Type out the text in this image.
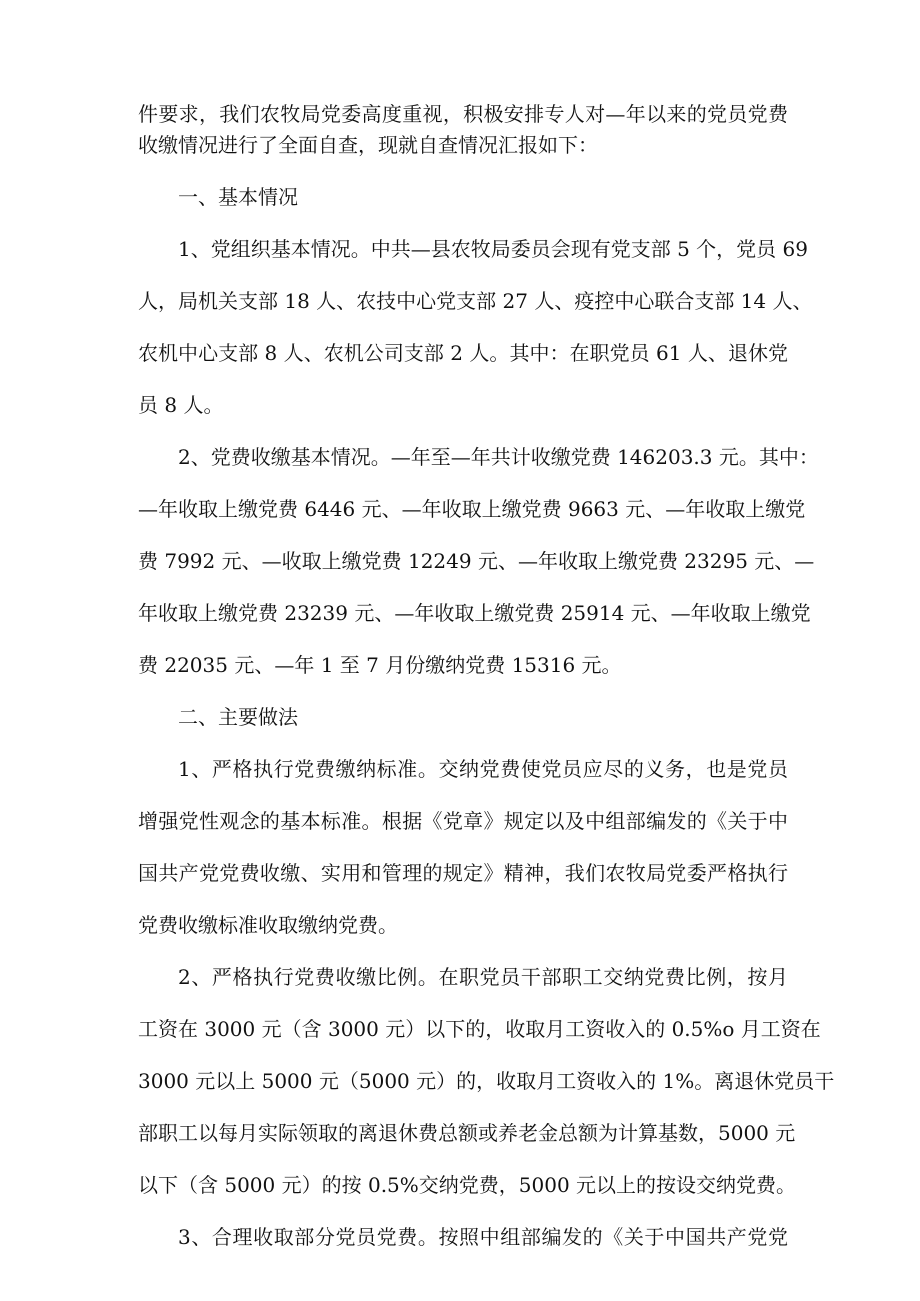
件要求，我们农牧局党委高度重视，积极安排专人对—年以来的党员党费
收缴情况进行了全面自查，现就自查情况汇报如下：
一、基本情况
1、党组织基本情况。中共—县农牧局委员会现有党支部 5 个，党员 69
人，局机关支部 18 人、农技中心党支部 27 人、疫控中心联合支部 14 人、
农机中心支部 8 人、农机公司支部 2 人。其中：在职党员 61 人、退休党
员 8 人。
2、党费收缴基本情况。—年至—年共计收缴党费 146203.3 元。其中：
—年收取上缴党费 6446 元、—年收取上缴党费 9663 元、—年收取上缴党
费 7992 元、—收取上缴党费 12249 元、—年收取上缴党费 23295 元、—
年收取上缴党费 23239 元、—年收取上缴党费 25914 元、—年收取上缴党
费 22035 元、—年 1 至 7 月份缴纳党费 15316 元。
二、主要做法
1、严格执行党费缴纳标准。交纳党费使党员应尽的义务，也是党员
增强党性观念的基本标准。根据《党章》规定以及中组部编发的《关于中
国共产党党费收缴、实用和管理的规定》精神，我们农牧局党委严格执行
党费收缴标准收取缴纳党费。
2、严格执行党费收缴比例。在职党员干部职工交纳党费比例，按月
工资在 3000 元（含 3000 元）以下的，收取月工资收入的 0.5%o 月工资在
3000 元以上 5000 元（5000 元）的，收取月工资收入的 1%。离退休党员干
部职工以每月实际领取的离退休费总额或养老金总额为计算基数，5000 元
以下（含 5000 元）的按 0.5%交纳党费，5000 元以上的按设交纳党费。
3、合理收取部分党员党费。按照中组部编发的《关于中国共产党党
